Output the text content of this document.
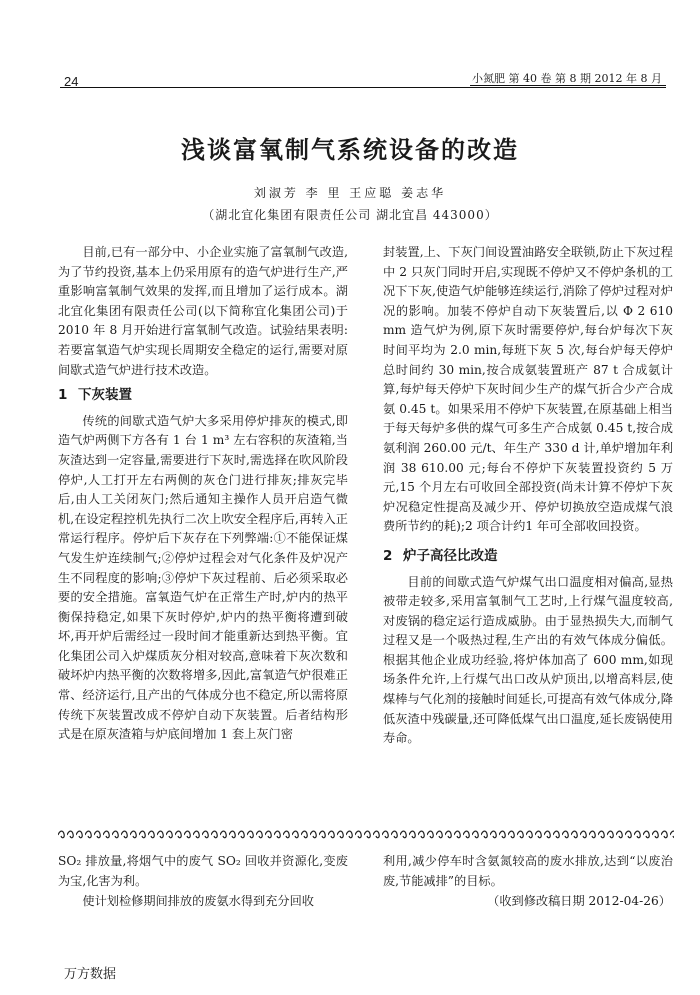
24	小氮肥 第 40 卷 第 8 期 2012 年 8 月
浅谈富氧制气系统设备的改造
刘淑芳 李 里 王应聪 姜志华
（湖北宜化集团有限责任公司 湖北宜昌 443000）

目前,已有一部分中、小企业实施了富氧制气改造,为了节约投资,基本上仍采用原有的造气炉进行生产,严重影响富氧制气效果的发挥,而且增加了运行成本。湖北宜化集团有限责任公司(以下简称宜化集团公司)于 2010 年 8 月开始进行富氧制气改造。试验结果表明:若要富氧造气炉实现长周期安全稳定的运行,需要对原间歇式造气炉进行技术改造。

1 下灰装置

传统的间歇式造气炉大多采用停炉排灰的模式,即造气炉两侧下方各有 1 台 1 m³ 左右容积的灰渣箱,当灰渣达到一定容量,需要进行下灰时,需选择在吹风阶段停炉,人工打开左右两侧的灰仓门进行排灰;排灰完毕后,由人工关闭灰门;然后通知主操作人员开启造气微机,在设定程控机先执行二次上吹安全程序后,再转入正常运行程序。停炉后下灰存在下列弊端:①不能保证煤气发生炉连续制气;②停炉过程会对气化条件及炉况产生不同程度的影响;③停炉下灰过程前、后必须采取必要的安全措施。富氧造气炉在正常生产时,炉内的热平衡保持稳定,如果下灰时停炉,炉内的热平衡将遭到破坏,再开炉后需经过一段时间才能重新达到热平衡。宜化集团公司入炉煤质灰分相对较高,意味着下灰次数和破坏炉内热平衡的次数将增多,因此,富氧造气炉很难正常、经济运行,且产出的气体成分也不稳定,所以需将原传统下灰装置改成不停炉自动下灰装置。后者结构形式是在原灰渣箱与炉底间增加 1 套上灰门密

封装置,上、下灰门间设置油路安全联锁,防止下灰过程中 2 只灰门同时开启,实现既不停炉又不停炉条机的工况下下灰,使造气炉能够连续运行,消除了停炉过程对炉况的影响。加装不停炉自动下灰装置后,以 Φ 2 610 mm 造气炉为例,原下灰时需要停炉,每台炉每次下灰时间平均为 2.0 min,每班下灰 5 次,每台炉每天停炉总时间约 30 min,按合成氨装置班产 87 t 合成氨计算,每炉每天停炉下灰时间少生产的煤气折合少产合成氨 0.45 t。如果采用不停炉下灰装置,在原基础上相当于每天每炉多供的煤气可多生产合成氨 0.45 t,按合成氨利润 260.00 元/t、年生产 330 d 计,单炉增加年利润 38 610.00 元;每台不停炉下灰装置投资约 5 万元,15 个月左右可收回全部投资(尚未计算不停炉下灰炉况稳定性提高及减少开、停炉切换放空造成煤气浪费所节约的耗);2 项合计约1 年可全部收回投资。

2 炉子高径比改造

目前的间歇式造气炉煤气出口温度相对偏高,显热被带走较多,采用富氧制气工艺时,上行煤气温度较高,对废锅的稳定运行造成威胁。由于显热损失大,而制气过程又是一个吸热过程,生产出的有效气体成分偏低。根据其他企业成功经验,将炉体加高了 600 mm,如现场条件允许,上行煤气出口改从炉顶出,以增高料层,使煤棒与气化剂的接触时间延长,可提高有效气体成分,降低灰渣中残碳量,还可降低煤气出口温度,延长废锅使用寿命。

SO₂ 排放量,将烟气中的废气 SO₂ 回收并资源化,变废为宝,化害为利。

使计划检修期间排放的废氨水得到充分回收

利用,减少停车时含氨氮较高的废水排放,达到“以废治废,节能减排”的目标。

（收到修改稿日期 2012-04-26）

万方数据
